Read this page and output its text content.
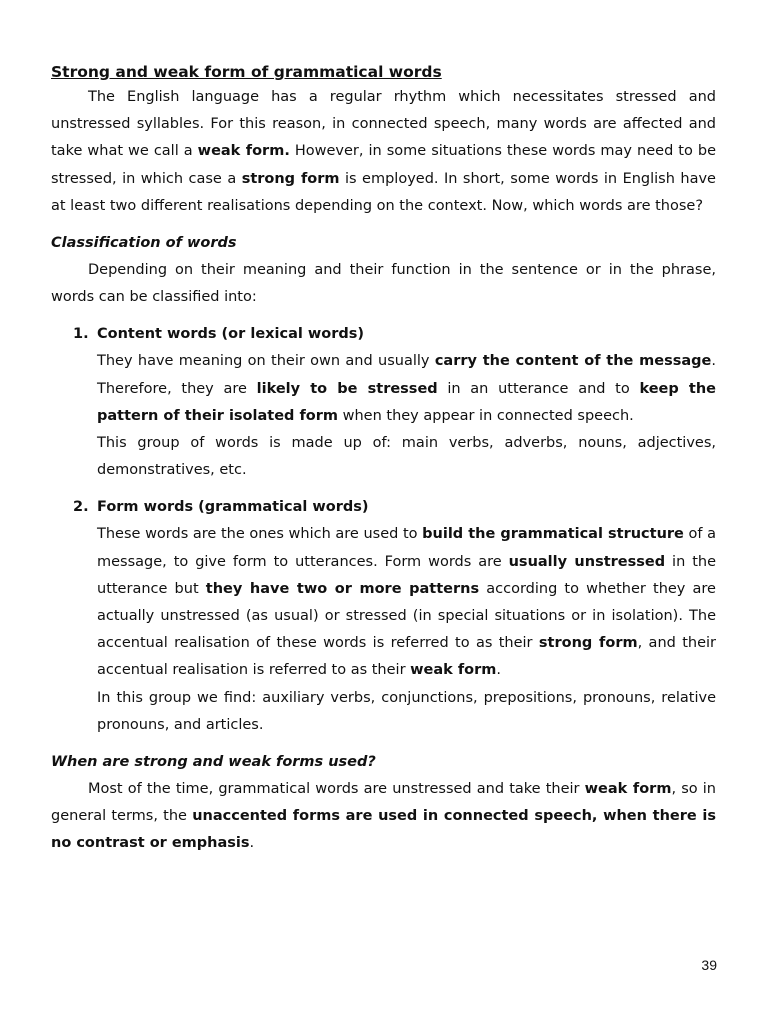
Strong and weak form of grammatical words

The English language has a regular rhythm which necessitates stressed and unstressed syllables. For this reason, in connected speech, many words are affected and take what we call a weak form. However, in some situations these words may need to be stressed, in which case a strong form is employed. In short, some words in English have at least two different realisations depending on the context. Now, which words are those?

Classification of words

Depending on their meaning and their function in the sentence or in the phrase, words can be classified into:

1. Content words (or lexical words)

They have meaning on their own and usually carry the content of the message. Therefore, they are likely to be stressed in an utterance and to keep the pattern of their isolated form when they appear in connected speech.

This group of words is made up of: main verbs, adverbs, nouns, adjectives, demonstratives, etc.

2. Form words (grammatical words)

These words are the ones which are used to build the grammatical structure of a message, to give form to utterances. Form words are usually unstressed in the utterance but they have two or more patterns according to whether they are actually unstressed (as usual) or stressed (in special situations or in isolation). The accentual realisation of these words is referred to as their strong form, and their accentual realisation is referred to as their weak form.

In this group we find: auxiliary verbs, conjunctions, prepositions, pronouns, relative pronouns, and articles.

When are strong and weak forms used?

Most of the time, grammatical words are unstressed and take their weak form, so in general terms, the unaccented forms are used in connected speech, when there is no contrast or emphasis.

39
